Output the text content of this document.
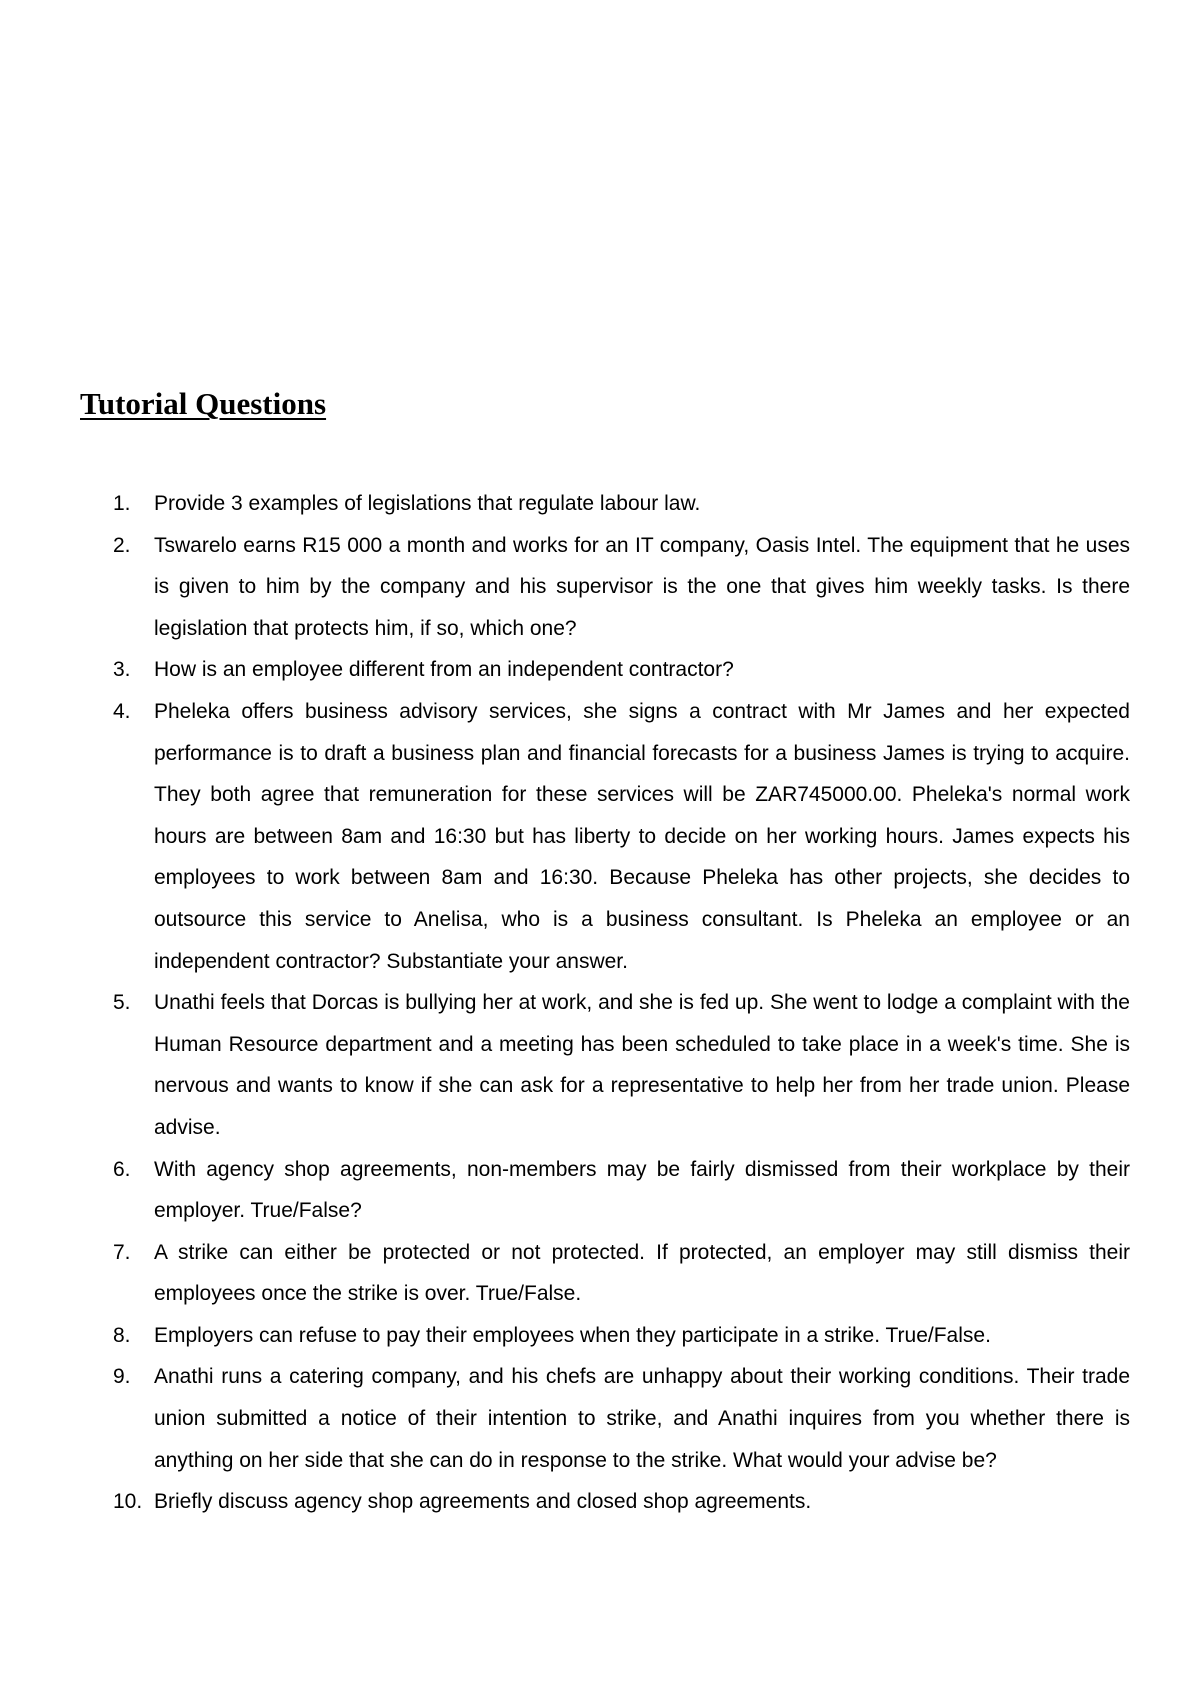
Tutorial Questions
1. Provide 3 examples of legislations that regulate labour law.
2. Tswarelo earns R15 000 a month and works for an IT company, Oasis Intel. The equipment that he uses is given to him by the company and his supervisor is the one that gives him weekly tasks. Is there legislation that protects him, if so, which one?
3. How is an employee different from an independent contractor?
4. Pheleka offers business advisory services, she signs a contract with Mr James and her expected performance is to draft a business plan and financial forecasts for a business James is trying to acquire. They both agree that remuneration for these services will be ZAR745000.00. Pheleka's normal work hours are between 8am and 16:30 but has liberty to decide on her working hours. James expects his employees to work between 8am and 16:30. Because Pheleka has other projects, she decides to outsource this service to Anelisa, who is a business consultant. Is Pheleka an employee or an independent contractor? Substantiate your answer.
5. Unathi feels that Dorcas is bullying her at work, and she is fed up. She went to lodge a complaint with the Human Resource department and a meeting has been scheduled to take place in a week's time. She is nervous and wants to know if she can ask for a representative to help her from her trade union. Please advise.
6. With agency shop agreements, non-members may be fairly dismissed from their workplace by their employer. True/False?
7. A strike can either be protected or not protected. If protected, an employer may still dismiss their employees once the strike is over. True/False.
8. Employers can refuse to pay their employees when they participate in a strike. True/False.
9. Anathi runs a catering company, and his chefs are unhappy about their working conditions. Their trade union submitted a notice of their intention to strike, and Anathi inquires from you whether there is anything on her side that she can do in response to the strike. What would your advise be?
10. Briefly discuss agency shop agreements and closed shop agreements.
